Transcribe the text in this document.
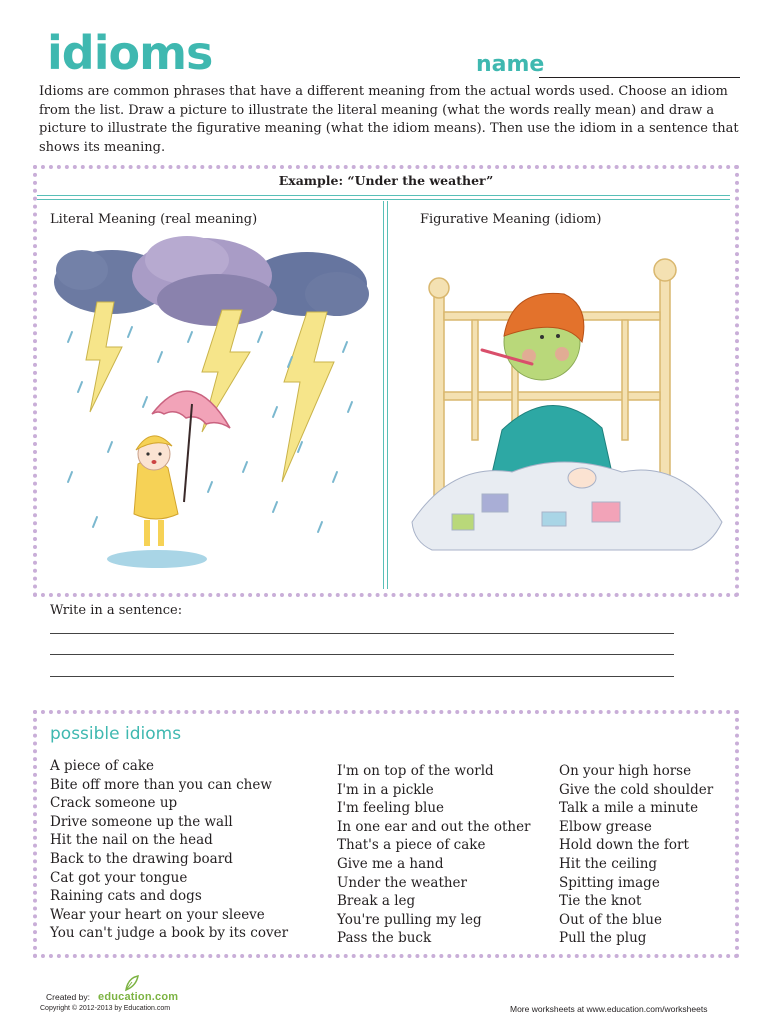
idioms	name

Idioms are common phrases that have a different meaning from the actual words used. Choose an idiom from the list. Draw a picture to illustrate the literal meaning (what the words really mean) and draw a picture to illustrate the figurative meaning (what the idiom means). Then use the idiom in a sentence that shows its meaning.

Example: “Under the weather”
Literal Meaning (real meaning)	Figurative Meaning (idiom)
Write in a sentence:
possible idioms
A piece of cake
Bite off more than you can chew
Crack someone up
Drive someone up the wall
Hit the nail on the head
Back to the drawing board
Cat got your tongue
Raining cats and dogs
Wear your heart on your sleeve
You can't judge a book by its cover
I'm on top of the world
I'm in a pickle
I'm feeling blue
In one ear and out the other
That's a piece of cake
Give me a hand
Under the weather
Break a leg
You're pulling my leg
Pass the buck
On your high horse
Give the cold shoulder
Talk a mile a minute
Elbow grease
Hold down the fort
Hit the ceiling
Spitting image
Tie the knot
Out of the blue
Pull the plug
Created by: education.com
Copyright © 2012-2013 by Education.com	More worksheets at www.education.com/worksheets
